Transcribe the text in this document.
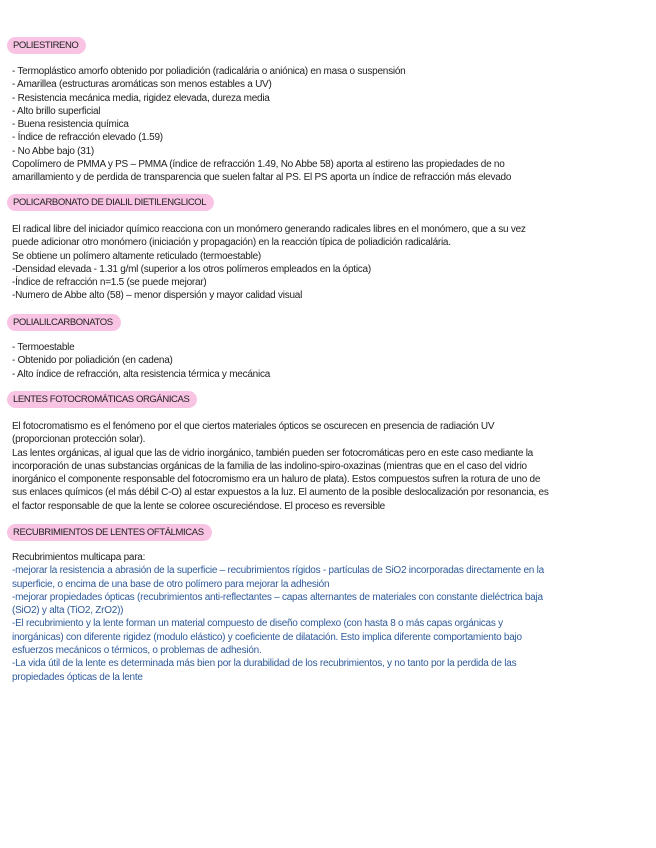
POLIESTIRENO
- Termoplástico amorfo obtenido por poliadición (radicalária o aniónica) en masa o suspensión
- Amarillea (estructuras aromáticas son menos estables a UV)
- Resistencia mecánica media, rigidez elevada, dureza media
- Alto brillo superficial
- Buena resistencia química
- Índice de refracción elevado (1.59)
- No Abbe bajo (31)
Copolímero de PMMA y PS – PMMA (índice de refracción 1.49, No Abbe 58) aporta al estireno las propiedades de no
amarillamiento y de perdida de transparencia que suelen faltar al PS. El PS aporta un índice de refracción más elevado
POLICARBONATO DE DIALIL DIETILENGLICOL
El radical libre del iniciador químico reacciona con un monómero generando radicales libres en el monómero, que a su vez
puede adicionar otro monómero (iniciación y propagación) en la reacción típica de poliadición radicalária.
Se obtiene un polímero altamente reticulado (termoestable)
-Densidad elevada - 1.31 g/ml (superior a los otros polímeros empleados en la óptica)
-Índice de refracción n=1.5 (se puede mejorar)
-Numero de Abbe alto (58) – menor dispersión y mayor calidad visual
POLIALILCARBONATOS
- Termoestable
- Obtenido por poliadición (en cadena)
- Alto índice de refracción, alta resistencia térmica y mecánica
LENTES FOTOCROMÁTICAS ORGÁNICAS
El fotocromatismo es el fenómeno por el que ciertos materiales ópticos se oscurecen en presencia de radiación UV
(proporcionan protección solar).
Las lentes orgánicas, al igual que las de vidrio inorgánico, también pueden ser fotocromáticas pero en este caso mediante la
incorporación de unas substancias orgánicas de la familia de las indolino-spiro-oxazinas (mientras que en el caso del vidrio
inorgánico el componente responsable del fotocromismo era un haluro de plata). Estos compuestos sufren la rotura de uno de
sus enlaces químicos (el más débil C-O) al estar expuestos a la luz. El aumento de la posible deslocalización por resonancia, es
el factor responsable de que la lente se coloree oscureciéndose. El proceso es reversible
RECUBRIMIENTOS DE LENTES OFTÁLMICAS
Recubrimientos multicapa para:
-mejorar la resistencia a abrasión de la superficie – recubrimientos rígidos - partículas de SiO2 incorporadas directamente en la
superficie, o encima de una base de otro polímero para mejorar la adhesión
-mejorar propiedades ópticas (recubrimientos anti-reflectantes – capas alternantes de materiales con constante dieléctrica baja
(SiO2) y alta (TiO2, ZrO2))
-El recubrimiento y la lente forman un material compuesto de diseño complexo (con hasta 8 o más capas orgánicas y
inorgánicas) con diferente rigidez (modulo elástico) y coeficiente de dilatación. Esto implica diferente comportamiento bajo
esfuerzos mecánicos o térmicos, o problemas de adhesión.
-La vida útil de la lente es determinada más bien por la durabilidad de los recubrimientos, y no tanto por la perdida de las
propiedades ópticas de la lente
